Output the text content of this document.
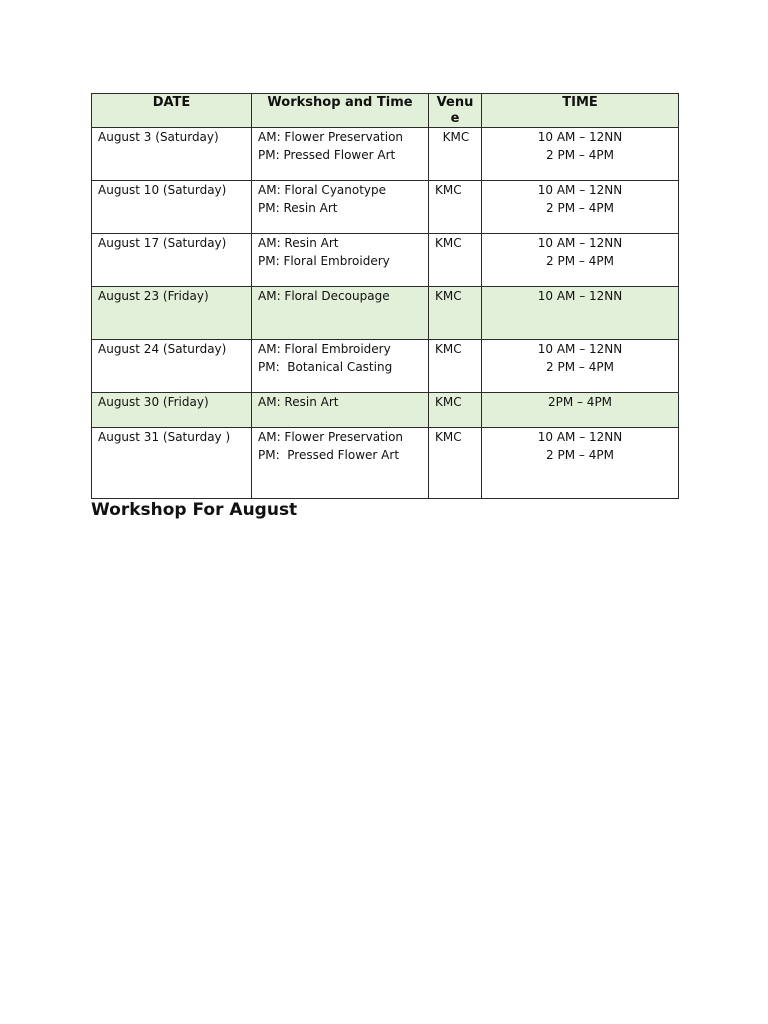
DATE	Workshop and Time	Venu
e	TIME
August 3 (Saturday)	AM: Flower Preservation
PM: Pressed Flower Art	KMC	10 AM – 12NN
2 PM – 4PM

August 10 (Saturday)	AM: Floral Cyanotype
PM: Resin Art	KMC	10 AM – 12NN
2 PM – 4PM

August 17 (Saturday)	AM: Resin Art
PM: Floral Embroidery	KMC	10 AM – 12NN
2 PM – 4PM

August 23 (Friday)	AM: Floral Decoupage	KMC	10 AM – 12NN

August 24 (Saturday)	AM: Floral Embroidery
PM:  Botanical Casting	KMC	10 AM – 12NN
2 PM – 4PM

August 30 (Friday)	AM: Resin Art	KMC	2PM – 4PM

August 31 (Saturday )	AM: Flower Preservation
PM:  Pressed Flower Art	KMC	10 AM – 12NN
2 PM – 4PM
Workshop For August
